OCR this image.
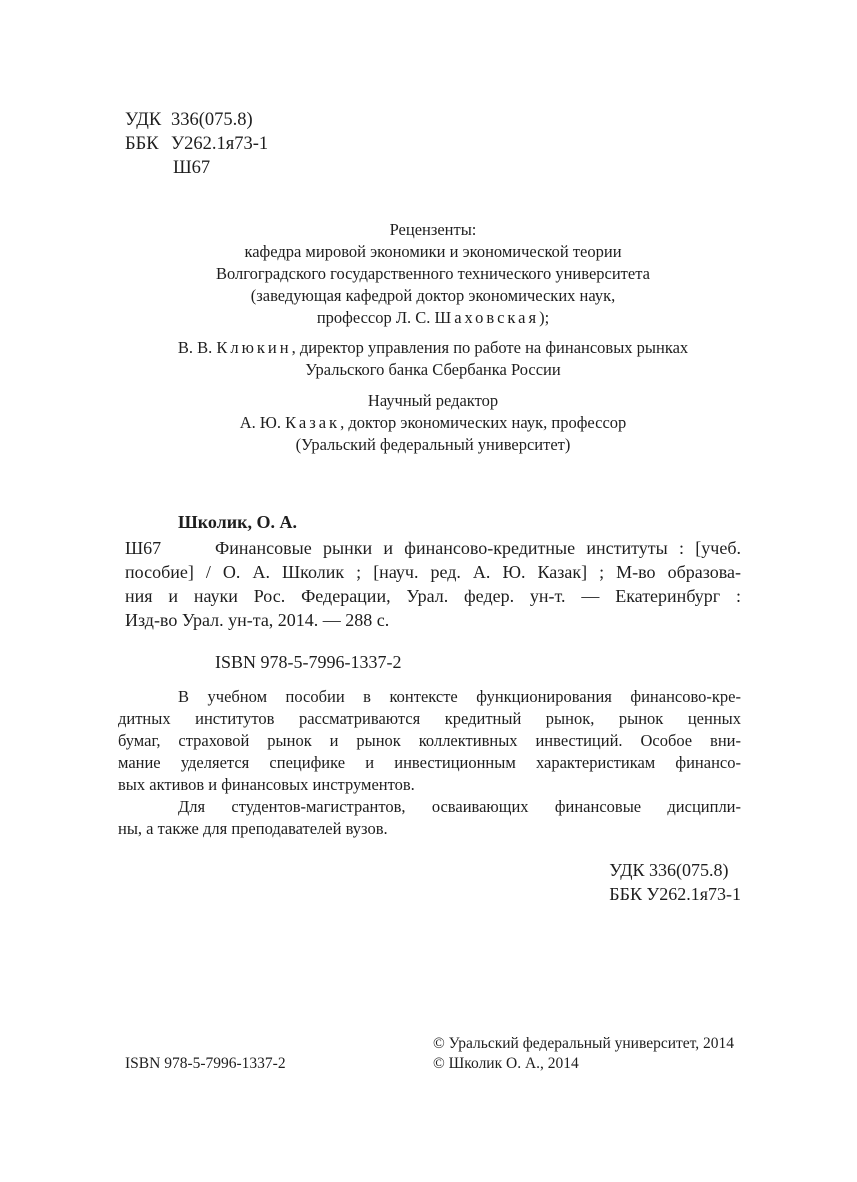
УДК 336(075.8)
ББК У262.1я73-1
Ш67
Рецензенты:
кафедра мировой экономики и экономической теории
Волгоградского государственного технического университета
(заведующая кафедрой доктор экономических наук,
профессор Л. С. Шаховская);
В. В. Клюкин, директор управления по работе на финансовых рынках
Уральского банка Сбербанка России
Научный редактор
А. Ю. Казак, доктор экономических наук, профессор
(Уральский федеральный университет)
Школик, О. А.
Ш67	Финансовые рынки и финансово-кредитные институты : [учеб.
пособие] / О. А. Школик ; [науч. ред. А. Ю. Казак] ; М-во образова-
ния и науки Рос. Федерации, Урал. федер. ун-т. — Екатеринбург :
Изд-во Урал. ун-та, 2014. — 288 с.
ISBN 978-5-7996-1337-2
В учебном пособии в контексте функционирования финансово-кре-
дитных институтов рассматриваются кредитный рынок, рынок ценных
бумаг, страховой рынок и рынок коллективных инвестиций. Особое вни-
мание уделяется специфике и инвестиционным характеристикам финансо-
вых активов и финансовых инструментов.
Для студентов-магистрантов, осваивающих финансовые дисципли-
ны, а также для преподавателей вузов.
УДК 336(075.8)
ББК У262.1я73-1
ISBN 978-5-7996-1337-2
© Уральский федеральный университет, 2014
© Школик О. А., 2014
